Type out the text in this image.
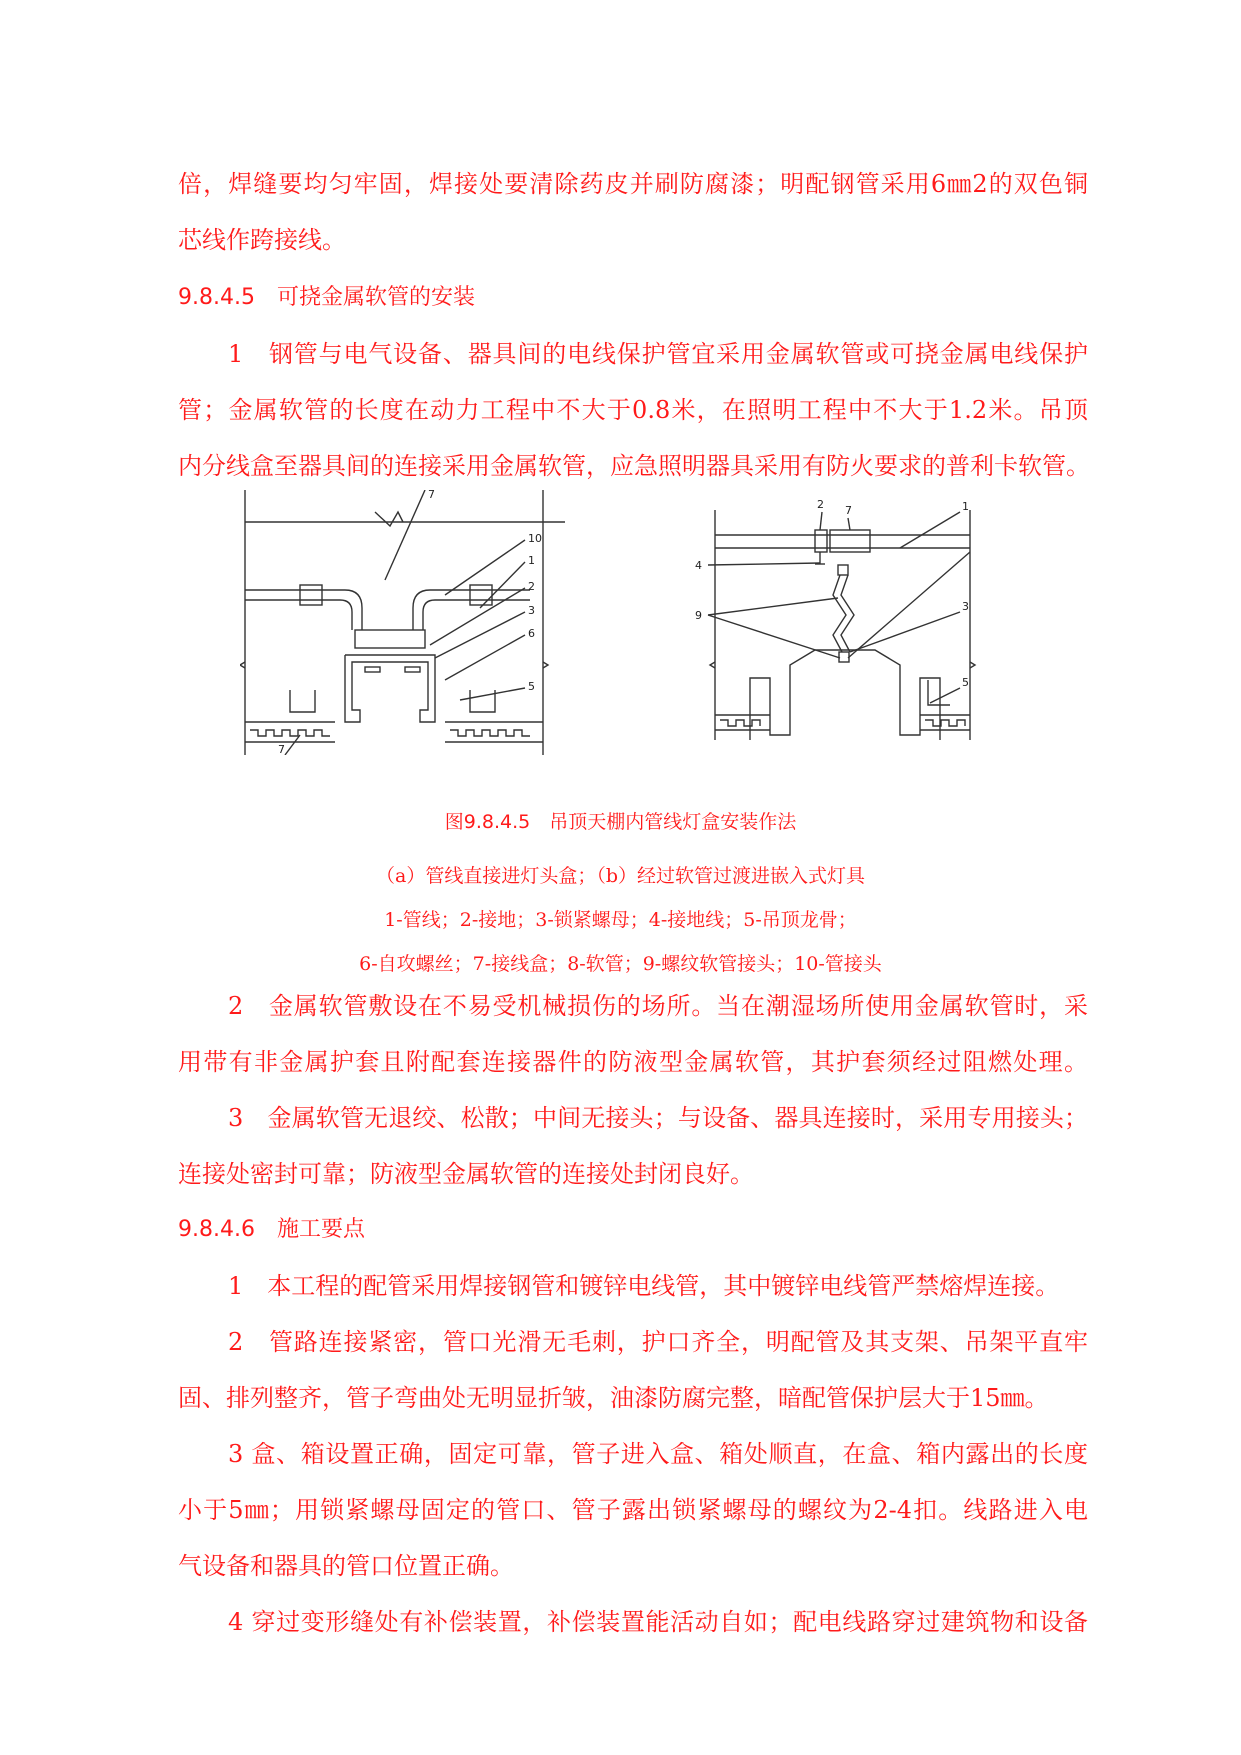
倍，焊缝要均匀牢固，焊接处要清除药皮并刷防腐漆；明配钢管采用6㎜2的双色铜
芯线作跨接线。
9.8.4.5　可挠金属软管的安装
1　钢管与电气设备、器具间的电线保护管宜采用金属软管或可挠金属电线保护
管；金属软管的长度在动力工程中不大于0.8米，在照明工程中不大于1.2米。吊顶
内分线盒至器具间的连接采用金属软管，应急照明器具采用有防火要求的普利卡软管。
7
10
1
2
3
6
5
7
2 7	1
4
9
3
5
图9.8.4.5　吊顶天棚内管线灯盒安装作法
（a）管线直接进灯头盒；（b）经过软管过渡进嵌入式灯具
1-管线；2-接地；3-锁紧螺母；4-接地线；5-吊顶龙骨；
6-自攻螺丝；7-接线盒；8-软管；9-螺纹软管接头；10-管接头
2　金属软管敷设在不易受机械损伤的场所。当在潮湿场所使用金属软管时，采
用带有非金属护套且附配套连接器件的防液型金属软管，其护套须经过阻燃处理。
3　金属软管无退绞、松散；中间无接头；与设备、器具连接时，采用专用接头；
连接处密封可靠；防液型金属软管的连接处封闭良好。
9.8.4.6　施工要点
1　本工程的配管采用焊接钢管和镀锌电线管，其中镀锌电线管严禁熔焊连接。
2　管路连接紧密，管口光滑无毛刺，护口齐全，明配管及其支架、吊架平直牢
固、排列整齐，管子弯曲处无明显折皱，油漆防腐完整，暗配管保护层大于15㎜。
3 盒、箱设置正确，固定可靠，管子进入盒、箱处顺直，在盒、箱内露出的长度
小于5㎜；用锁紧螺母固定的管口、管子露出锁紧螺母的螺纹为2-4扣。线路进入电
气设备和器具的管口位置正确。
4 穿过变形缝处有补偿装置，补偿装置能活动自如；配电线路穿过建筑物和设备
